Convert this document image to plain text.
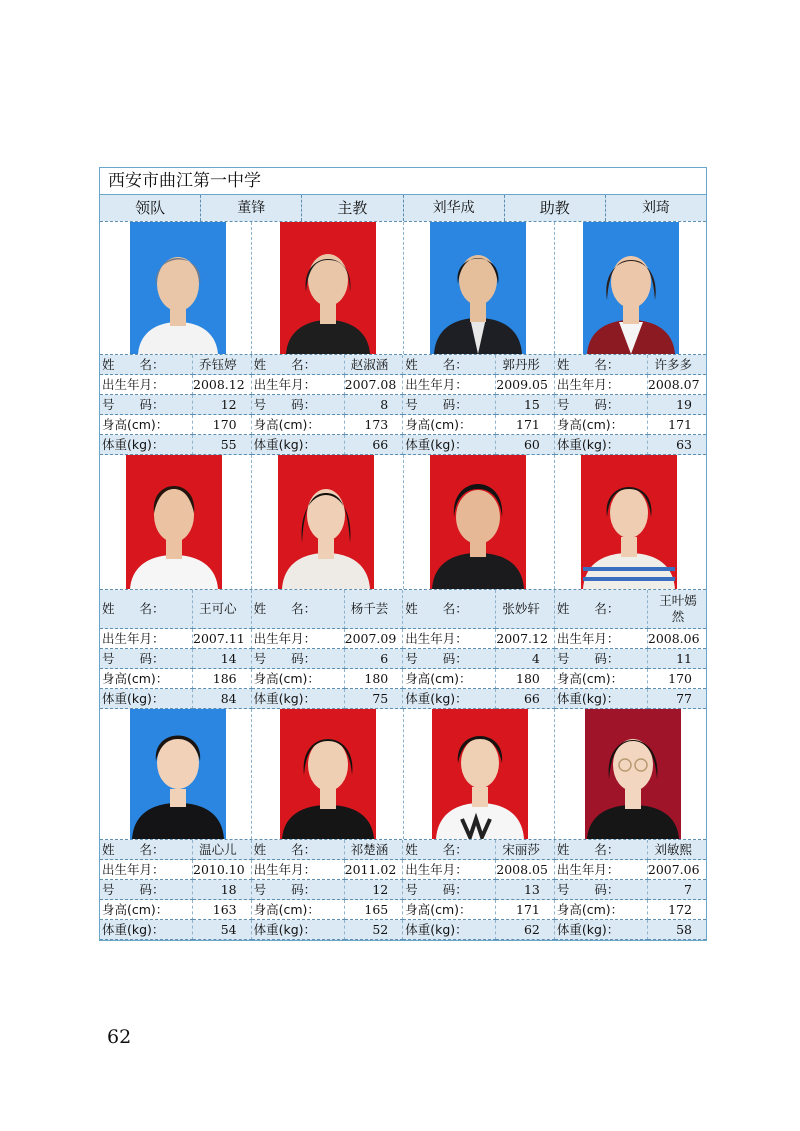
西安市曲江第一中学
领队	董锋	主教	刘华成	助教	刘琦
姓　　名：	乔钰婷	姓　　名：	赵淑涵	姓　　名：	郭丹彤	姓　　名：	许多多
出生年月：	2008.12	出生年月：	2007.08	出生年月：	2009.05	出生年月：	2008.07
号　　码：	12	号　　码：	8	号　　码：	15	号　　码：	19
身高(cm)：	170	身高(cm)：	173	身高(cm)：	171	身高(cm)：	171
体重(kg)：	55	体重(kg)：	66	体重(kg)：	60	体重(kg)：	63
姓　　名：	王可心	姓　　名：	杨千芸	姓　　名：	张妙轩	姓　　名：	王叶嫣
然
出生年月：	2007.11	出生年月：	2007.09	出生年月：	2007.12	出生年月：	2008.06
号　　码：	14	号　　码：	6	号　　码：	4	号　　码：	11
身高(cm)：	186	身高(cm)：	180	身高(cm)：	180	身高(cm)：	170
体重(kg)：	84	体重(kg)：	75	体重(kg)：	66	体重(kg)：	77
姓　　名：	温心儿	姓　　名：	祁楚涵	姓　　名：	宋丽莎	姓　　名：	刘敏熙
出生年月：	2010.10	出生年月：	2011.02	出生年月：	2008.05	出生年月：	2007.06
号　　码：	18	号　　码：	12	号　　码：	13	号　　码：	7
身高(cm)：	163	身高(cm)：	165	身高(cm)：	171	身高(cm)：	172
体重(kg)：	54	体重(kg)：	52	体重(kg)：	62	体重(kg)：	58
62
